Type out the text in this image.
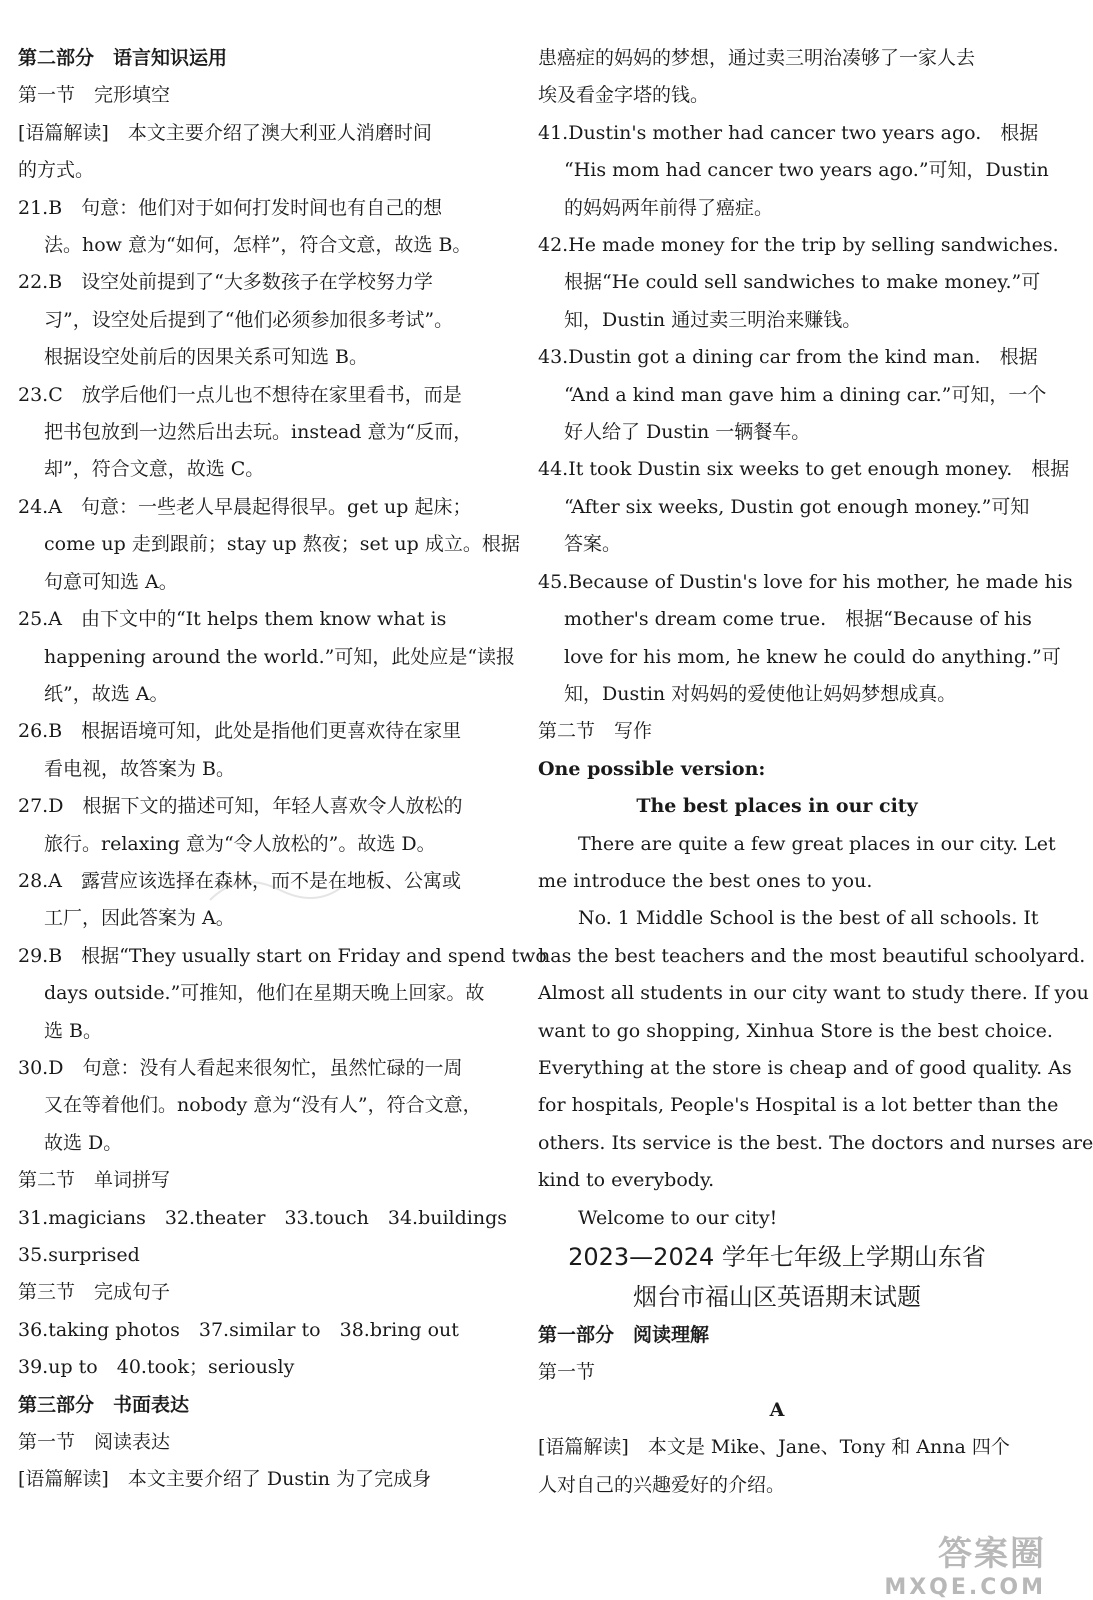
第二部分　语言知识运用
第一节　完形填空
[语篇解读]　本文主要介绍了澳大利亚人消磨时间
的方式。
21.B　句意：他们对于如何打发时间也有自己的想
法。how 意为“如何，怎样”，符合文意，故选 B。
22.B　设空处前提到了“大多数孩子在学校努力学
习”，设空处后提到了“他们必须参加很多考试”。
根据设空处前后的因果关系可知选 B。
23.C　放学后他们一点儿也不想待在家里看书，而是
把书包放到一边然后出去玩。instead 意为“反而，
却”，符合文意，故选 C。
24.A　句意：一些老人早晨起得很早。get up 起床；
come up 走到跟前；stay up 熬夜；set up 成立。根据
句意可知选 A。
25.A　由下文中的“It helps them know what is
happening around the world.”可知，此处应是“读报
纸”，故选 A。
26.B　根据语境可知，此处是指他们更喜欢待在家里
看电视，故答案为 B。
27.D　根据下文的描述可知，年轻人喜欢令人放松的
旅行。relaxing 意为“令人放松的”。故选 D。
28.A　露营应该选择在森林，而不是在地板、公寓或
工厂，因此答案为 A。
29.B　根据“They usually start on Friday and spend two
days outside.”可推知，他们在星期天晚上回家。故
选 B。
30.D　句意：没有人看起来很匆忙，虽然忙碌的一周
又在等着他们。nobody 意为“没有人”，符合文意，
故选 D。
第二节　单词拼写
31.magicians　32.theater　33.touch　34.buildings
35.surprised
第三节　完成句子
36.taking photos　37.similar to　38.bring out
39.up to　40.took；seriously
第三部分　书面表达
第一节　阅读表达
[语篇解读]　本文主要介绍了 Dustin 为了完成身
患癌症的妈妈的梦想，通过卖三明治凑够了一家人去
埃及看金字塔的钱。
41.Dustin's mother had cancer two years ago.　根据
“His mom had cancer two years ago.”可知，Dustin
的妈妈两年前得了癌症。
42.He made money for the trip by selling sandwiches.
根据“He could sell sandwiches to make money.”可
知，Dustin 通过卖三明治来赚钱。
43.Dustin got a dining car from the kind man.　根据
“And a kind man gave him a dining car.”可知，一个
好人给了 Dustin 一辆餐车。
44.It took Dustin six weeks to get enough money.　根据
“After six weeks, Dustin got enough money.”可知
答案。
45.Because of Dustin's love for his mother, he made his
mother's dream come true.　根据“Because of his
love for his mom, he knew he could do anything.”可
知，Dustin 对妈妈的爱使他让妈妈梦想成真。
第二节　写作
One possible version:
The best places in our city
There are quite a few great places in our city. Let
me introduce the best ones to you.
No. 1 Middle School is the best of all schools. It
has the best teachers and the most beautiful schoolyard.
Almost all students in our city want to study there. If you
want to go shopping, Xinhua Store is the best choice.
Everything at the store is cheap and of good quality. As
for hospitals, People's Hospital is a lot better than the
others. Its service is the best. The doctors and nurses are
kind to everybody.
Welcome to our city!
2023—2024 学年七年级上学期山东省
烟台市福山区英语期末试题
第一部分　阅读理解
第一节
A
[语篇解读]　本文是 Mike、Jane、Tony 和 Anna 四个
人对自己的兴趣爱好的介绍。
答案圈
MXQE.COM
